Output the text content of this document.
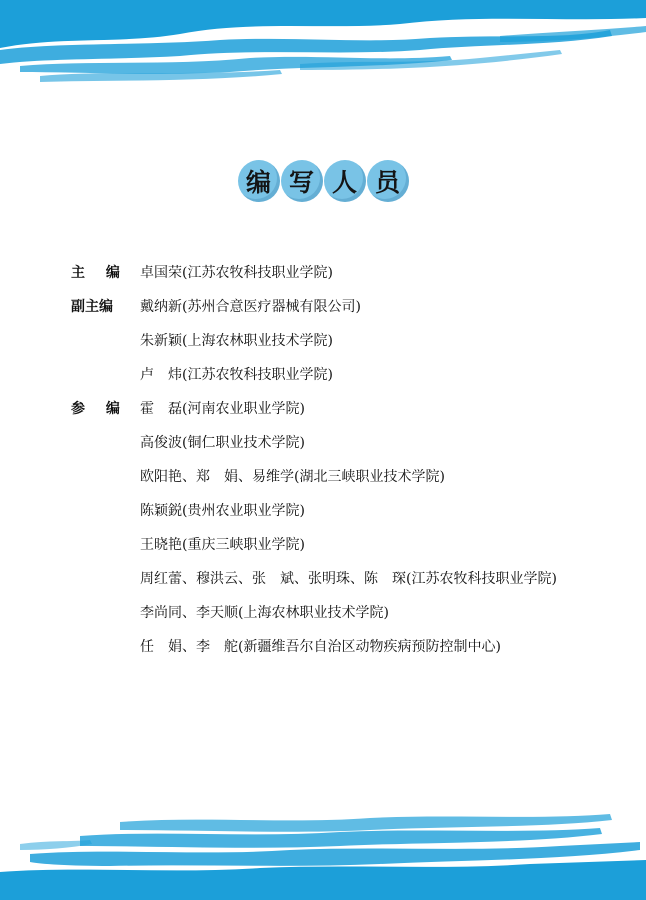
编 写 人 员
主 编 卓国荣(江苏农牧科技职业学院)
副主编	戴纳新(苏州合意医疗器械有限公司)
朱新颖(上海农林职业技术学院)
卢　炜(江苏农牧科技职业学院)
参 编 霍　磊(河南农业职业学院)
高俊波(铜仁职业技术学院)
欧阳艳、郑　娟、易维学(湖北三峡职业技术学院)
陈颖鋭(贵州农业职业学院)
王晓艳(重庆三峡职业学院)
周红蕾、穆洪云、张　斌、张明珠、陈　琛(江苏农牧科技职业学院)
李尚同、李天顺(上海农林职业技术学院)
任　娟、李　舵(新疆维吾尔自治区动物疾病预防控制中心)
